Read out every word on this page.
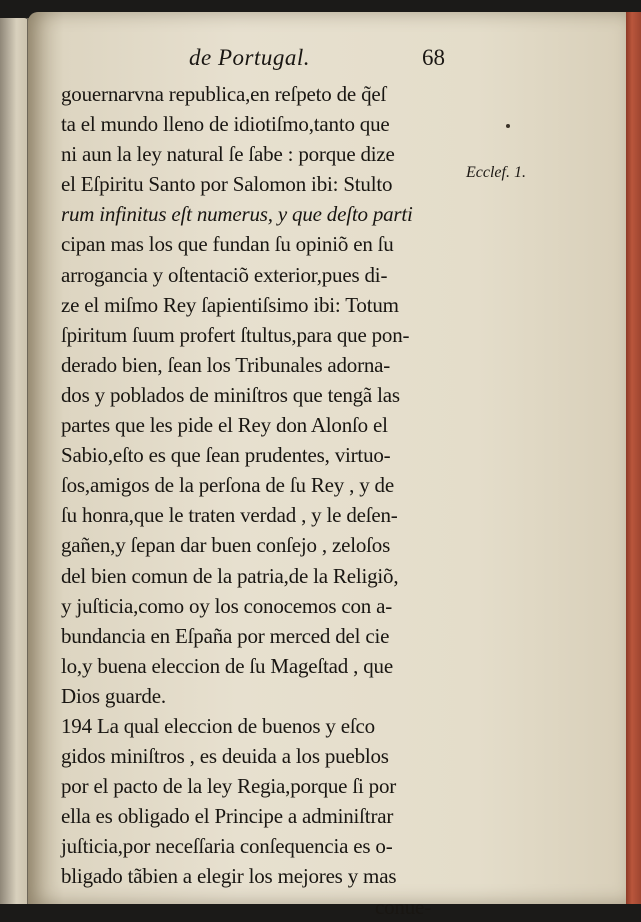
de Portugal.	68
Ecclef. 1.
gouernarvna republica,en reſpeto de q̃eſ
ta el mundo lleno de idiotiſmo,tanto que
ni aun la ley natural ſe ſabe : porque dize
el Eſpiritu Santo por Salomon ibi: Stulto
rum infinitus eſt numerus, y que deſto parti
cipan mas los que fundan ſu opiniõ en ſu
arrogancia y oſtentaciõ exterior,pues di-
ze el miſmo Rey ſapientiſsimo ibi: Totum
ſpiritum ſuum profert ſtultus,para que pon-
derado bien, ſean los Tribunales adorna-
dos y poblados de miniſtros que tengã las
partes que les pide el Rey don Alonſo el
Sabio,eſto es que ſean prudentes, virtuo-
ſos,amigos de la perſona de ſu Rey , y de
ſu honra,que le traten verdad , y le deſen-
gañen,y ſepan dar buen conſejo , zeloſos
del bien comun de la patria,de la Religiõ,
y juſticia,como oy los conocemos con a-
bundancia en Eſpaña por merced del cie
lo,y buena eleccion de ſu Mageſtad , que
Dios guarde.
194 La qual eleccion de buenos y eſco
gidos miniſtros , es deuida a los pueblos
por el pacto de la ley Regia,porque ſi por
ella es obligado el Principe a adminiſtrar
juſticia,por neceſſaria conſequencia es o-
bligado tãbien a elegir los mejores y mas
conue-
